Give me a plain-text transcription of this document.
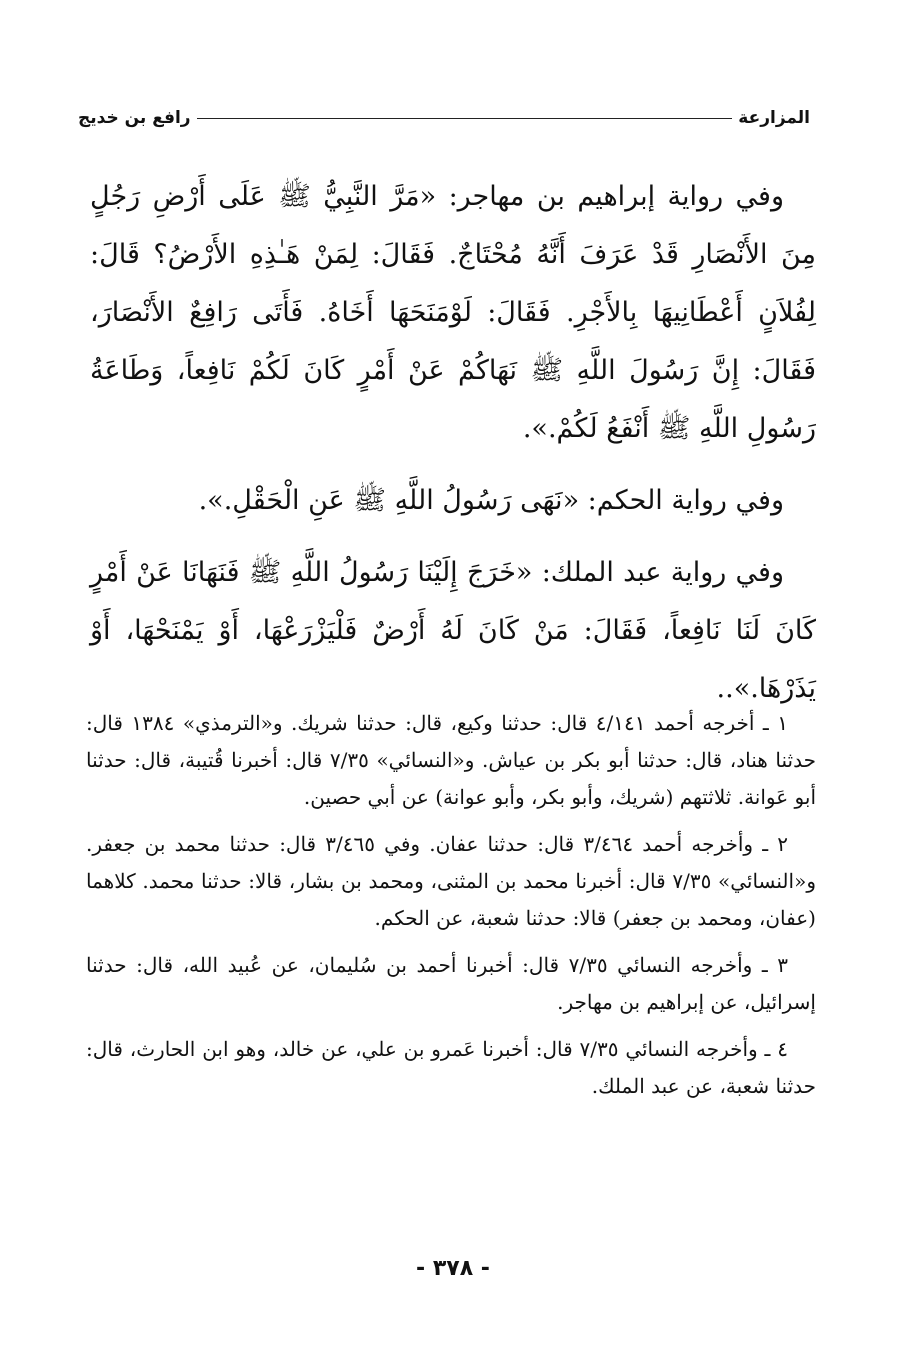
المزارعة
رافع بن خديج

وفي رواية إبراهيم بن مهاجر: «مَرَّ النَّبِيُّ ﷺ عَلَى أَرْضِ رَجُلٍ مِنَ الأَنْصَارِ قَدْ عَرَفَ أَنَّهُ مُحْتَاجٌ. فَقَالَ: لِمَنْ هَـٰذِهِ الأَرْضُ؟ قَالَ: لِفُلاَنٍ أَعْطَانِيهَا بِالأَجْرِ. فَقَالَ: لَوْمَنَحَهَا أَخَاهُ. فَأَتَى رَافِعٌ الأَنْصَارَ، فَقَالَ: إِنَّ رَسُولَ اللَّهِ ﷺ نَهَاكُمْ عَنْ أَمْرٍ كَانَ لَكُمْ نَافِعاً، وَطَاعَةُ رَسُولِ اللَّهِ ﷺ أَنْفَعُ لَكُمْ.».

وفي رواية الحكم: «نَهَى رَسُولُ اللَّهِ ﷺ عَنِ الْحَقْلِ.».

وفي رواية عبد الملك: «خَرَجَ إِلَيْنَا رَسُولُ اللَّهِ ﷺ فَنَهَانَا عَنْ أَمْرٍ كَانَ لَنَا نَافِعاً، فَقَالَ: مَنْ كَانَ لَهُ أَرْضٌ فَلْيَزْرَعْهَا، أَوْ يَمْنَحْهَا، أَوْ يَذَرْهَا.»..

١ ـ أخرجه أحمد ٤/١٤١ قال: حدثنا وكيع، قال: حدثنا شريك. و«الترمذي» ١٣٨٤ قال: حدثنا هناد، قال: حدثنا أبو بكر بن عياش. و«النسائي» ٧/٣٥ قال: أخبرنا قُتيبة، قال: حدثنا أبو عَوانة. ثلاثتهم (شريك، وأبو بكر، وأبو عوانة) عن أبي حصين.

٢ ـ وأخرجه أحمد ٣/٤٦٤ قال: حدثنا عفان. وفي ٣/٤٦٥ قال: حدثنا محمد بن جعفر. و«النسائي» ٧/٣٥ قال: أخبرنا محمد بن المثنى، ومحمد بن بشار، قالا: حدثنا محمد. كلاهما (عفان، ومحمد بن جعفر) قالا: حدثنا شعبة، عن الحكم.

٣ ـ وأخرجه النسائي ٧/٣٥ قال: أخبرنا أحمد بن سُليمان، عن عُبيد الله، قال: حدثنا إسرائيل، عن إبراهيم بن مهاجر.

٤ ـ وأخرجه النسائي ٧/٣٥ قال: أخبرنا عَمرو بن علي، عن خالد، وهو ابن الحارث، قال: حدثنا شعبة، عن عبد الملك.

- ٣٧٨ -
